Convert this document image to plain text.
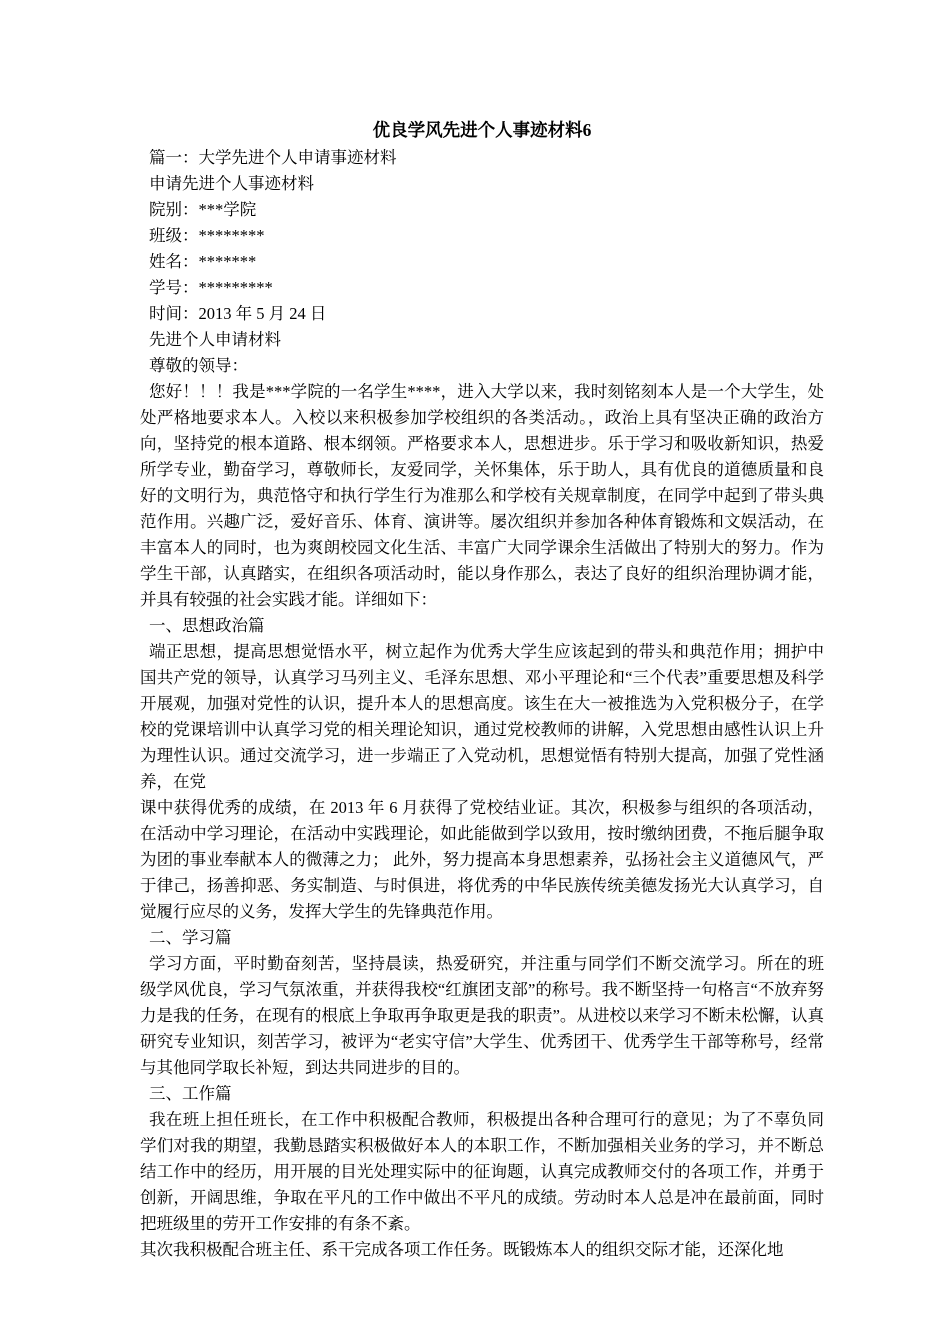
优良学风先进个人事迹材料6

篇一：大学先进个人申请事迹材料

申请先进个人事迹材料

院别：***学院

班级：********

姓名：*******

学号：*********

时间：2013 年 5 月 24 日

先进个人申请材料

尊敬的领导：

您好！！！我是***学院的一名学生****，进入大学以来，我时刻铭刻本人是一个大学生，处处严格地要求本人。入校以来积极参加学校组织的各类活动。，政治上具有坚决正确的政治方向，坚持党的根本道路、根本纲领。严格要求本人，思想进步。乐于学习和吸收新知识，热爱所学专业，勤奋学习，尊敬师长，友爱同学，关怀集体，乐于助人，具有优良的道德质量和良好的文明行为，典范恪守和执行学生行为准那么和学校有关规章制度，在同学中起到了带头典范作用。兴趣广泛，爱好音乐、体育、演讲等。屡次组织并参加各种体育锻炼和文娱活动，在丰富本人的同时，也为爽朗校园文化生活、丰富广大同学课余生活做出了特别大的努力。作为学生干部，认真踏实，在组织各项活动时，能以身作那么，表达了良好的组织治理协调才能，并具有较强的社会实践才能。详细如下：

一、思想政治篇

端正思想，提高思想觉悟水平，树立起作为优秀大学生应该起到的带头和典范作用；拥护中国共产党的领导，认真学习马列主义、毛泽东思想、邓小平理论和“三个代表”重要思想及科学开展观，加强对党性的认识，提升本人的思想高度。该生在大一被推选为入党积极分子，在学校的党课培训中认真学习党的相关理论知识，通过党校教师的讲解，入党思想由感性认识上升为理性认识。通过交流学习，进一步端正了入党动机，思想觉悟有特别大提高，加强了党性涵养，在党

课中获得优秀的成绩，在 2013 年 6 月获得了党校结业证。其次，积极参与组织的各项活动，在活动中学习理论，在活动中实践理论，如此能做到学以致用，按时缴纳团费，不拖后腿争取为团的事业奉献本人的微薄之力； 此外，努力提高本身思想素养，弘扬社会主义道德风气，严于律己，扬善抑恶、务实制造、与时俱进，将优秀的中华民族传统美德发扬光大认真学习，自觉履行应尽的义务，发挥大学生的先锋典范作用。

二、学习篇

学习方面，平时勤奋刻苦，坚持晨读，热爱研究，并注重与同学们不断交流学习。所在的班级学风优良，学习气氛浓重，并获得我校“红旗团支部”的称号。我不断坚持一句格言“不放弃努力是我的任务，在现有的根底上争取再争取更是我的职责”。从进校以来学习不断未松懈，认真研究专业知识，刻苦学习，被评为“老实守信”大学生、优秀团干、优秀学生干部等称号，经常与其他同学取长补短，到达共同进步的目的。

三、工作篇

我在班上担任班长，在工作中积极配合教师，积极提出各种合理可行的意见；为了不辜负同学们对我的期望，我勤恳踏实积极做好本人的本职工作，不断加强相关业务的学习，并不断总结工作中的经历，用开展的目光处理实际中的征询题，认真完成教师交付的各项工作，并勇于创新，开阔思维，争取在平凡的工作中做出不平凡的成绩。劳动时本人总是冲在最前面，同时把班级里的劳开工作安排的有条不紊。

其次我积极配合班主任、系干完成各项工作任务。既锻炼本人的组织交际才能，还深化地
